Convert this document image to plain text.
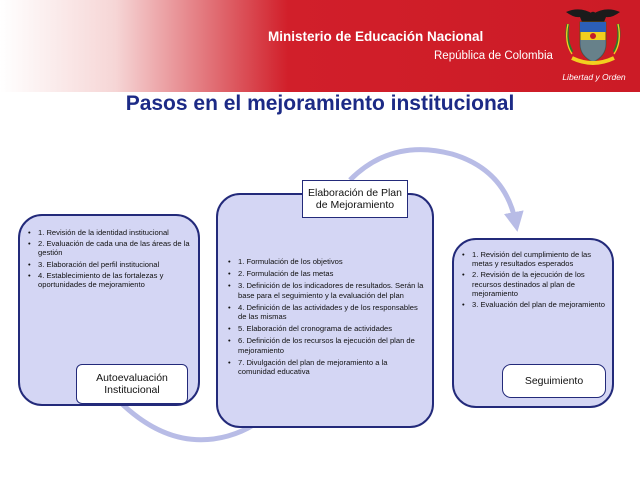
Ministerio de Educación Nacional
República de Colombia
Libertad y Orden
Pasos en el mejoramiento institucional
• 1. Revisión de la identidad institucional
• 2. Evaluación de cada una de las áreas de la gestión
• 3. Elaboración del perfil institucional
• 4. Establecimiento de las fortalezas y oportunidades de mejoramiento
• 1. Formulación de los objetivos
• 2. Formulación de las metas
• 3. Definición de los indicadores de resultados. Serán la base para el seguimiento y la evaluación del plan
• 4. Definición de las actividades y de los responsables de las mismas
• 5. Elaboración del cronograma de actividades
• 6. Definición de los recursos la ejecución del plan de mejoramiento
• 7. Divulgación del plan de mejoramiento a la comunidad educativa
• 1. Revisión del cumplimiento de las metas y resultados esperados
• 2. Revisión de la ejecución de los recursos destinados al plan de mejoramiento
• 3. Evaluación del plan de mejoramiento
Autoevaluación Institucional
Elaboración de Plan de Mejoramiento
Seguimiento
